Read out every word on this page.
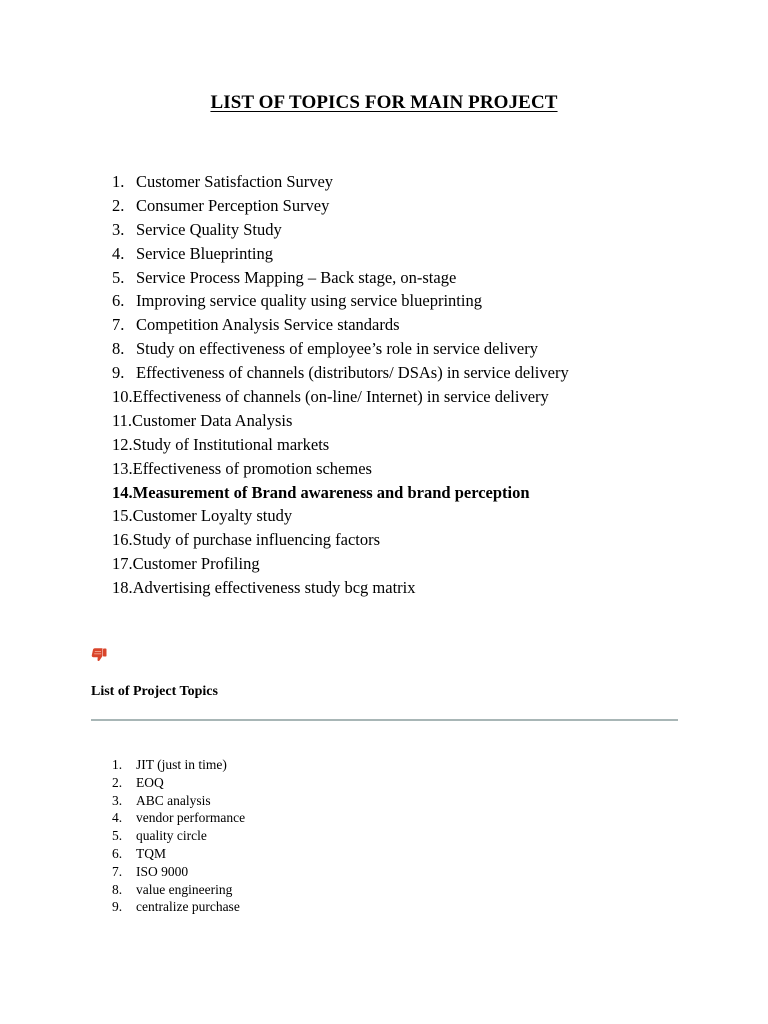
LIST OF TOPICS FOR MAIN PROJECT
1. Customer Satisfaction Survey
2. Consumer Perception Survey
3. Service Quality Study
4. Service Blueprinting
5. Service Process Mapping – Back stage, on-stage
6. Improving service quality using service blueprinting
7. Competition Analysis Service standards
8. Study on effectiveness of employee’s role in service delivery
9. Effectiveness of channels (distributors/ DSAs) in service delivery
10. Effectiveness of channels (on-line/ Internet) in service delivery
11. Customer Data Analysis
12. Study of Institutional markets
13. Effectiveness of promotion schemes
14. Measurement of Brand awareness and brand perception
15. Customer Loyalty study
16. Study of purchase influencing factors
17. Customer Profiling
18. Advertising effectiveness study bcg matrix
List of Project Topics
1.	JIT (just in time)
2.	EOQ
3.	ABC analysis
4.	vendor performance
5.	quality circle
6.	TQM
7.	ISO 9000
8.	value engineering
9.	centralize purchase
